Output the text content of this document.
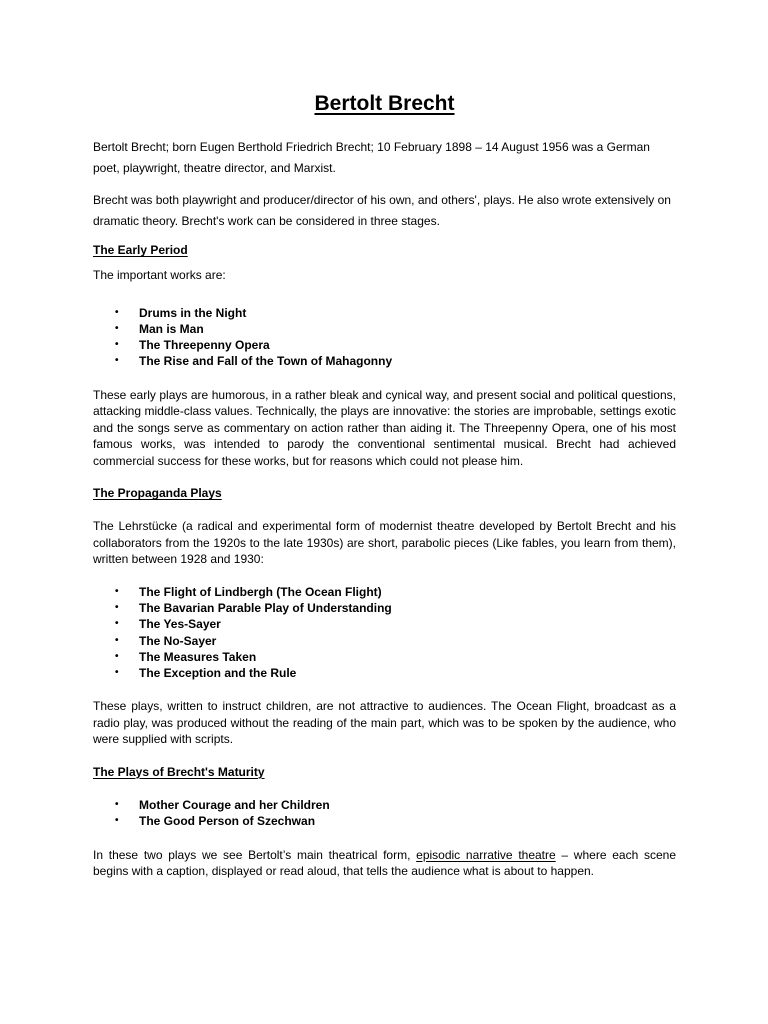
Bertolt Brecht

Bertolt Brecht; born Eugen Berthold Friedrich Brecht; 10 February 1898 – 14 August 1956 was a German poet, playwright, theatre director, and Marxist.

Brecht was both playwright and producer/director of his own, and others', plays. He also wrote extensively on dramatic theory. Brecht's work can be considered in three stages.

The Early Period

The important works are:

• Drums in the Night
• Man is Man
• The Threepenny Opera
• The Rise and Fall of the Town of Mahagonny

These early plays are humorous, in a rather bleak and cynical way, and present social and political questions, attacking middle-class values. Technically, the plays are innovative: the stories are improbable, settings exotic and the songs serve as commentary on action rather than aiding it. The Threepenny Opera, one of his most famous works, was intended to parody the conventional sentimental musical. Brecht had achieved commercial success for these works, but for reasons which could not please him.

The Propaganda Plays

The Lehrstücke (a radical and experimental form of modernist theatre developed by Bertolt Brecht and his collaborators from the 1920s to the late 1930s) are short, parabolic pieces (Like fables, you learn from them), written between 1928 and 1930:

• The Flight of Lindbergh (The Ocean Flight)
• The Bavarian Parable Play of Understanding
• The Yes-Sayer
• The No-Sayer
• The Measures Taken
• The Exception and the Rule

These plays, written to instruct children, are not attractive to audiences. The Ocean Flight, broadcast as a radio play, was produced without the reading of the main part, which was to be spoken by the audience, who were supplied with scripts.

The Plays of Brecht's Maturity
• Mother Courage and her Children
• The Good Person of Szechwan

In these two plays we see Bertolt’s main theatrical form, episodic narrative theatre – where each scene begins with a caption, displayed or read aloud, that tells the audience what is about to happen.
